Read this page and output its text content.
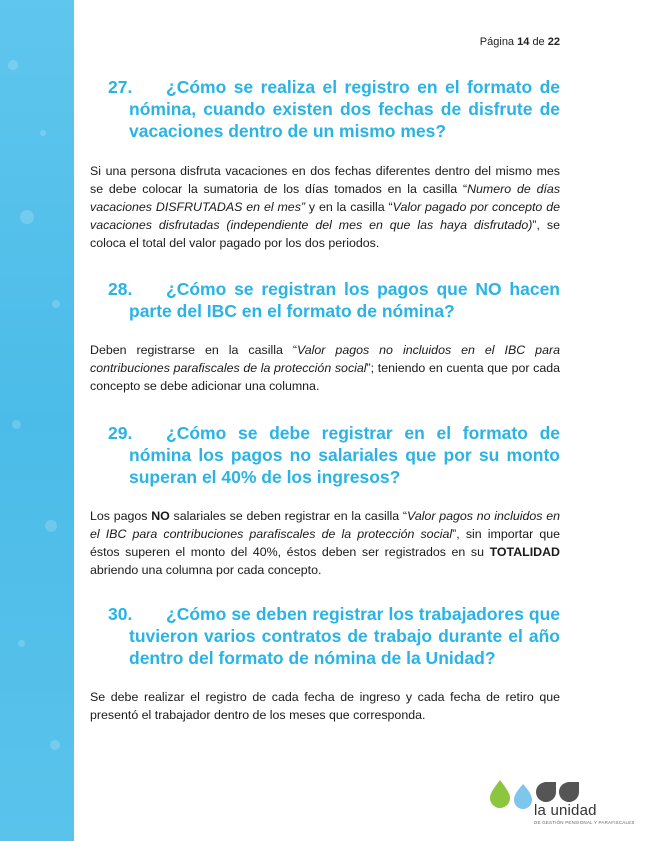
Página 14 de 22
27.	¿Cómo se realiza el registro en el formato de nómina, cuando existen dos fechas de disfrute de vacaciones dentro de un mismo mes?

Si una persona disfruta vacaciones en dos fechas diferentes dentro del mismo mes se debe colocar la sumatoria de los días tomados en la casilla “Numero de días vacaciones DISFRUTADAS en el mes” y en la casilla “Valor pagado por concepto de vacaciones disfrutadas (independiente del mes en que las haya disfrutado)”, se coloca el total del valor pagado por los dos periodos.

28.	¿Cómo se registran los pagos que NO hacen parte del IBC en el formato de nómina?

Deben registrarse en la casilla “Valor pagos no incluidos en el IBC para contribuciones parafiscales de la protección social”; teniendo en cuenta que por cada concepto se debe adicionar una columna.

29.	¿Cómo se debe registrar en el formato de nómina los pagos no salariales que por su monto superan el 40% de los ingresos?

Los pagos NO salariales se deben registrar en la casilla “Valor pagos no incluidos en el IBC para contribuciones parafiscales de la protección social”, sin importar que éstos superen el monto del 40%, éstos deben ser registrados en su TOTALIDAD abriendo una columna por cada concepto.

30.	¿Cómo se deben registrar los trabajadores que tuvieron varios contratos de trabajo durante el año dentro del formato de nómina de la Unidad?

Se debe realizar el registro de cada fecha de ingreso y cada fecha de retiro que presentó el trabajador dentro de los meses que corresponda.

la unidad
DE GESTIÓN PENSIONAL Y PARAFISCALES
